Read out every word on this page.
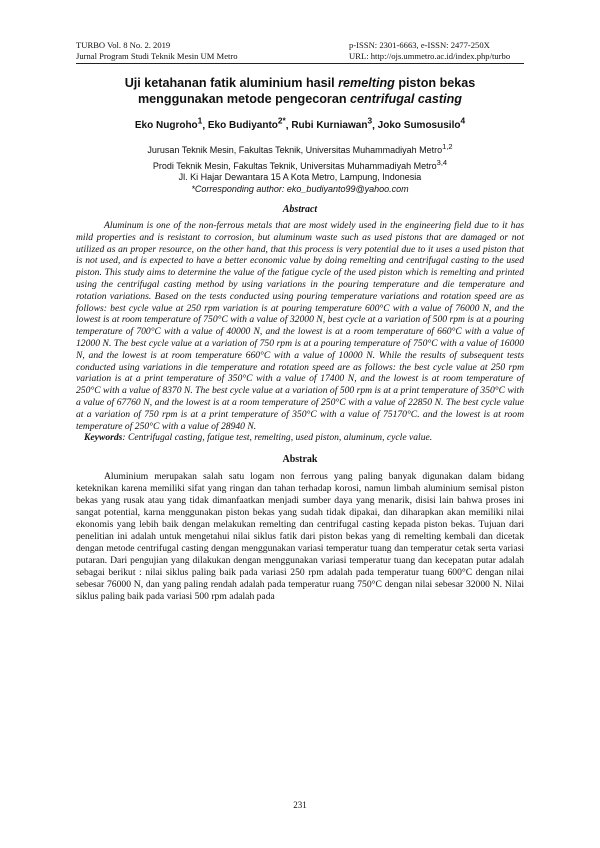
TURBO Vol. 8 No. 2. 2019
Jurnal Program Studi Teknik Mesin UM Metro
p-ISSN: 2301-6663, e-ISSN: 2477-250X
URL: http://ojs.ummetro.ac.id/index.php/turbo
Uji ketahanan fatik aluminium hasil remelting piston bekas
menggunakan metode pengecoran centrifugal casting
Eko Nugroho$^1$, Eko Budiyanto$^{2*}$, Rubi Kurniawan$^3$, Joko Sumosusilo$^4$
Jurusan Teknik Mesin, Fakultas Teknik, Universitas Muhammadiyah Metro$^{1,2}$
Prodi Teknik Mesin, Fakultas Teknik, Universitas Muhammadiyah Metro$^{3,4}$
Jl. Ki Hajar Dewantara 15 A Kota Metro, Lampung, Indonesia
*Corresponding author: eko_budiyanto99@yahoo.com
Abstract
Aluminum is one of the non-ferrous metals that are most widely used in the engineering field due to it has mild properties and is resistant to corrosion, but aluminum waste such as used pistons that are damaged or not utilized as an proper resource, on the other hand, that this process is very potential due to it uses a used piston that is not used, and is expected to have a better economic value by doing remelting and centrifugal casting to the used piston. This study aims to determine the value of the fatigue cycle of the used piston which is remelting and printed using the centrifugal casting method by using variations in the pouring temperature and die temperature and rotation variations. Based on the tests conducted using pouring temperature variations and rotation speed are as follows: best cycle value at 250 rpm variation is at pouring temperature 600°C with a value of 76000 N, and the lowest is at room temperature of 750°C with a value of 32000 N, best cycle at a variation of 500 rpm is at a pouring temperature of 700°C with a value of 40000 N, and the lowest is at a room temperature of 660°C with a value of 12000 N. The best cycle value at a variation of 750 rpm is at a pouring temperature of 750°C with a value of 16000 N, and the lowest is at room temperature 660°C with a value of 10000 N. While the results of subsequent tests conducted using variations in die temperature and rotation speed are as follows: the best cycle value at 250 rpm variation is at a print temperature of 350°C with a value of 17400 N, and the lowest is at room temperature of 250°C with a value of 8370 N. The best cycle value at a variation of 500 rpm is at a print temperature of 350°C with a value of 67760 N, and the lowest is at a room temperature of 250°C with a value of 22850 N. The best cycle value at a variation of 750 rpm is at a print temperature of 350°C with a value of 75170°C. and the lowest is at room temperature of 250°C with a value of 28940 N.
Keywords: Centrifugal casting, fatigue test, remelting, used piston, aluminum, cycle value.
Abstrak
Aluminium merupakan salah satu logam non ferrous yang paling banyak digunakan dalam bidang keteknikan karena memiliki sifat yang ringan dan tahan terhadap korosi, namun limbah aluminium semisal piston bekas yang rusak atau yang tidak dimanfaatkan menjadi sumber daya yang menarik, disisi lain bahwa proses ini sangat potential, karna menggunakan piston bekas yang sudah tidak dipakai, dan diharapkan akan memiliki nilai ekonomis yang lebih baik dengan melakukan remelting dan centrifugal casting kepada piston bekas. Tujuan dari penelitian ini adalah untuk mengetahui nilai siklus fatik dari piston bekas yang di remelting kembali dan dicetak dengan metode centrifugal casting dengan menggunakan variasi temperatur tuang dan temperatur cetak serta variasi putaran. Dari pengujian yang dilakukan dengan menggunakan variasi temperatur tuang dan kecepatan putar adalah sebagai berikut : nilai siklus paling baik pada variasi 250 rpm adalah pada temperatur tuang 600°C dengan nilai sebesar 76000 N, dan yang paling rendah adalah pada temperatur ruang 750°C dengan nilai sebesar 32000 N. Nilai siklus paling baik pada variasi 500 rpm adalah pada
231
